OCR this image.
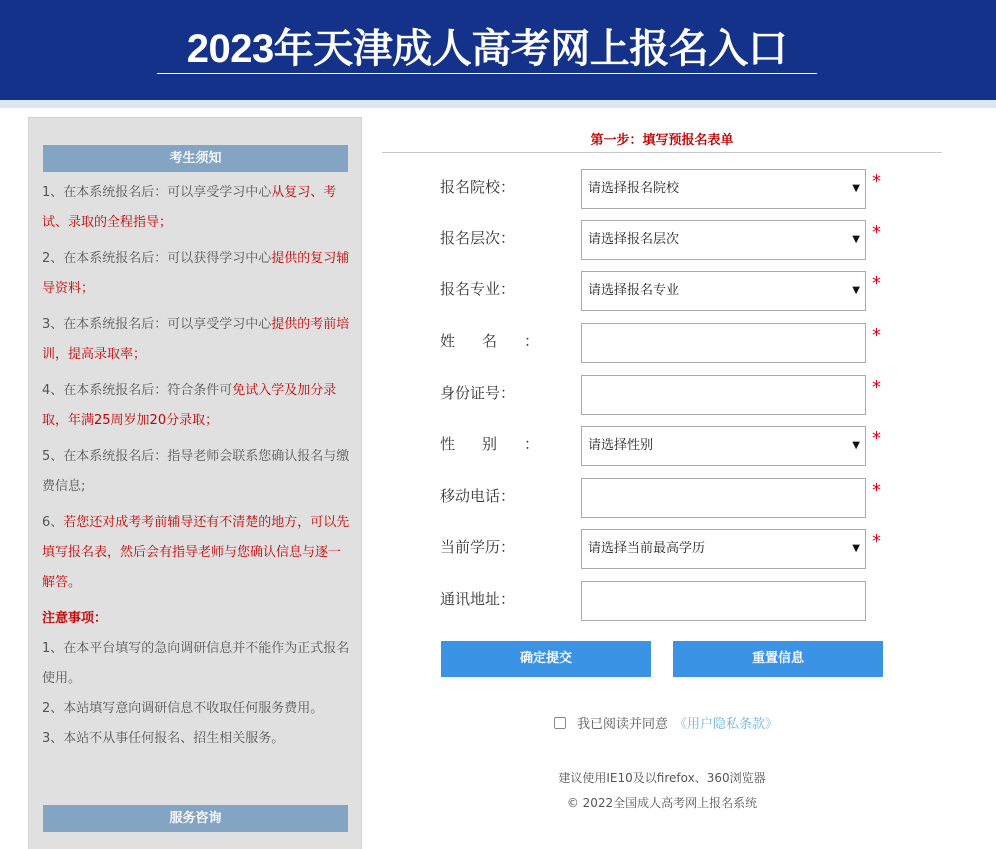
2023年天津成人高考网上报名入口
考生须知

1、在本系统报名后：可以享受学习中心从复习、考试、录取的全程指导；

2、在本系统报名后：可以获得学习中心提供的复习辅导资料；

3、在本系统报名后：可以享受学习中心提供的考前培训，提高录取率；

4、在本系统报名后：符合条件可免试入学及加分录取，年满25周岁加20分录取；

5、在本系统报名后：指导老师会联系您确认报名与缴费信息;

6、若您还对成考考前辅导还有不清楚的地方，可以先填写报名表，然后会有指导老师与您确认信息与逐一解答。

注意事项：

1、在本平台填写的急向调研信息并不能作为正式报名使用。

2、本站填写意向调研信息不收取任何服务费用。

3、本站不从事任何报名、招生相关服务。

服务咨询
第一步：填写预报名表单
报名院校：	请选择报名院校	▼ *
报名层次：	请选择报名层次	▼ *
报名专业：	请选择报名专业	▼ *
姓名：	*
身份证号：	*
性别：	请选择性别	▼ *
移动电话：	*
当前学历：	请选择当前最高学历	▼ *
通讯地址：
确定提交	重置信息
我已阅读并同意 《用户隐私条款》
建议使用IE10及以firefox、360浏览器
© 2022全国成人高考网上报名系统
